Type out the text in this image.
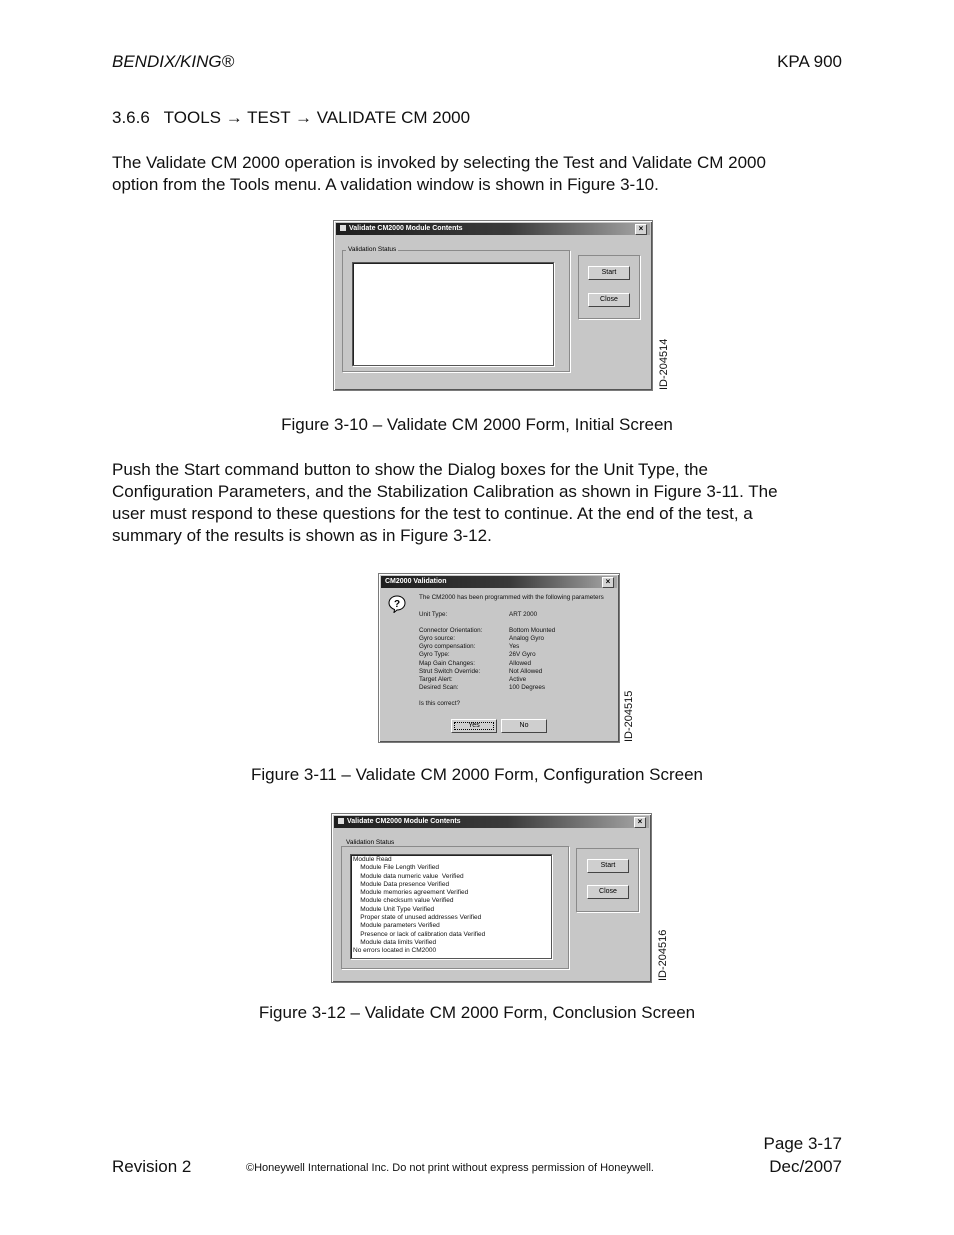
BENDIX/KING®	KPA 900
3.6.6   TOOLS → TEST → VALIDATE CM 2000
The Validate CM 2000 operation is invoked by selecting the Test and Validate CM 2000
option from the Tools menu. A validation window is shown in Figure 3-10.
Validate CM2000 Module Contents	×
Validation Status
Start
Close
ID-204514
Figure 3-10 – Validate CM 2000 Form, Initial Screen
Push the Start command button to show the Dialog boxes for the Unit Type, the
Configuration Parameters, and the Stabilization Calibration as shown in Figure 3-11. The
user must respond to these questions for the test to continue. At the end of the test, a
summary of the results is shown as in Figure 3-12.
CM2000 Validation	×
?
The CM2000 has been programmed with the following parameters
Unit Type:	ART 2000
Connector Orientation:	Bottom Mounted
Gyro source:	Analog Gyro
Gyro compensation:	Yes
Gyro Type:	26V Gyro
Map Gain Changes:	Allowed
Strut Switch Override:	Not Allowed
Target Alert:	Active
Desired Scan:	100 Degrees
Is this correct?
Yes	No	ID-204515
Figure 3-11 – Validate CM 2000 Form, Configuration Screen
Validate CM2000 Module Contents	×
Validation Status
Module Read
Module File Length Verified
Module data numeric value  Verified
Module Data presence Verified
Module memories agreement Verified
Module checksum value Verified
Module Unit Type Verified
Proper state of unused addresses Verified
Module parameters Verified
Presence or lack of calibration data Verified
Module data limits Verified
No errors located in CM2000
Start
Close
ID-204516
Figure 3-12 – Validate CM 2000 Form, Conclusion Screen
Page 3-17
Revision 2	©Honeywell International Inc. Do not print without express permission of Honeywell.	Dec/2007
